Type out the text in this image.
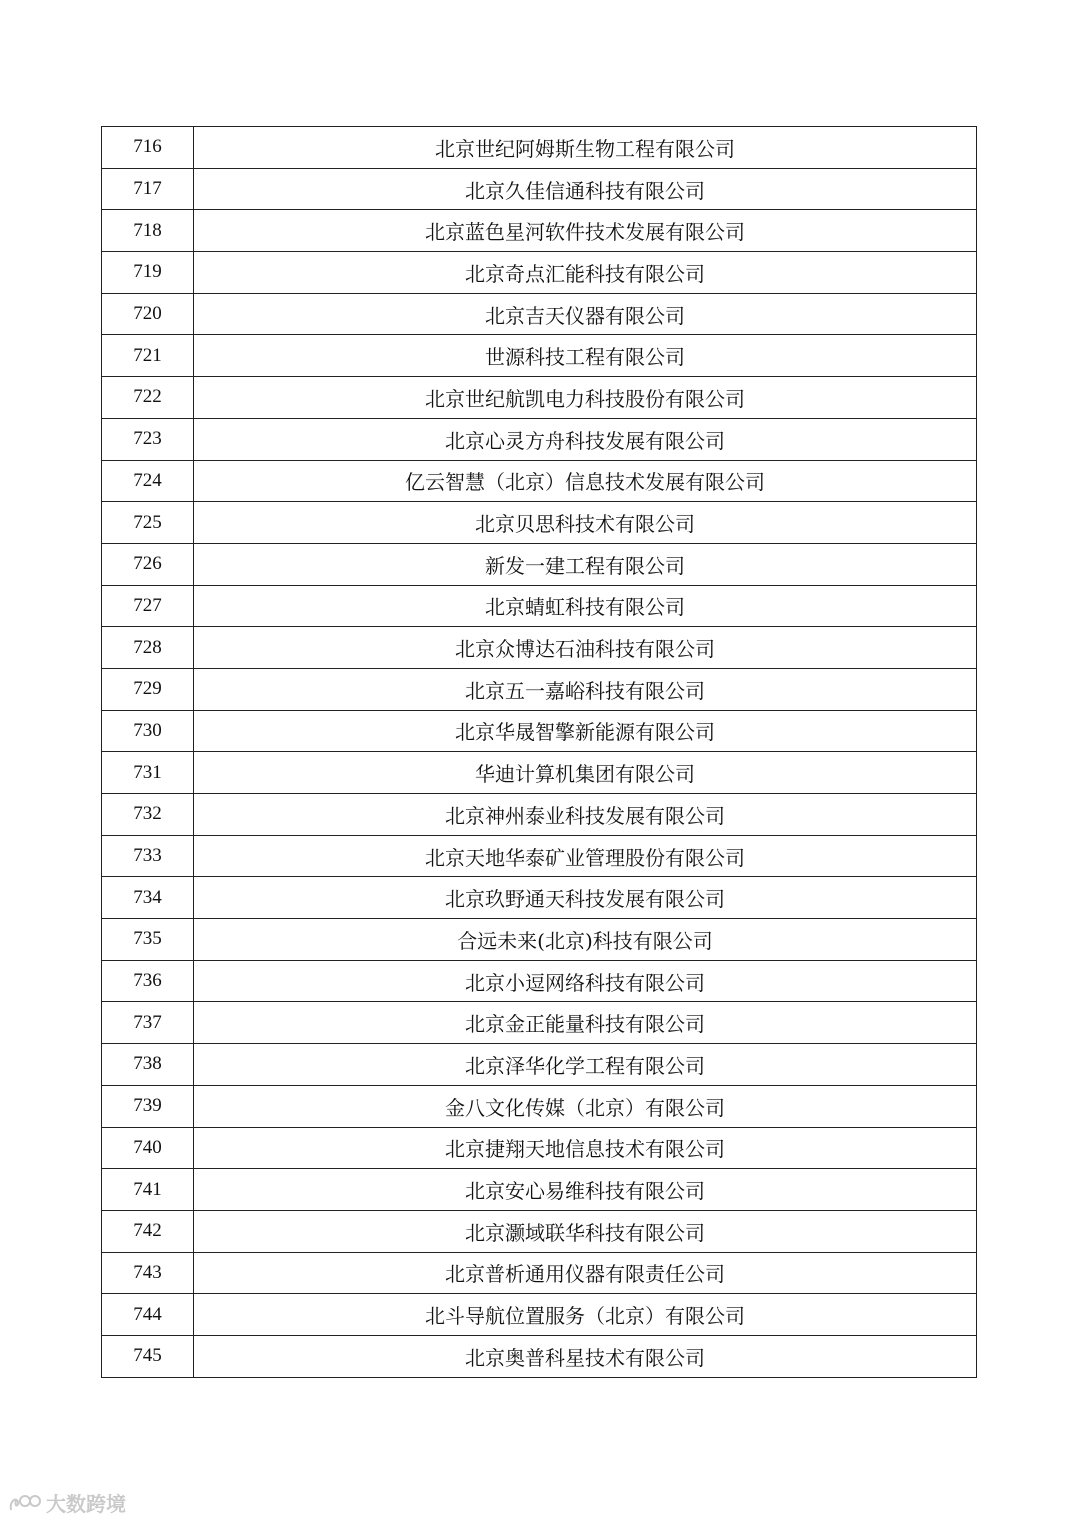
716	北京世纪阿姆斯生物工程有限公司
717	北京久佳信通科技有限公司
718	北京蓝色星河软件技术发展有限公司
719	北京奇点汇能科技有限公司
720	北京吉天仪器有限公司
721	世源科技工程有限公司
722	北京世纪航凯电力科技股份有限公司
723	北京心灵方舟科技发展有限公司
724	亿云智慧（北京）信息技术发展有限公司
725	北京贝思科技术有限公司
726	新发一建工程有限公司
727	北京蜻虹科技有限公司
728	北京众博达石油科技有限公司
729	北京五一嘉峪科技有限公司
730	北京华晟智擎新能源有限公司
731	华迪计算机集团有限公司
732	北京神州泰业科技发展有限公司
733	北京天地华泰矿业管理股份有限公司
734	北京玖野通天科技发展有限公司
735	合远未来(北京)科技有限公司
736	北京小逗网络科技有限公司
737	北京金正能量科技有限公司
738	北京泽华化学工程有限公司
739	金八文化传媒（北京）有限公司
740	北京捷翔天地信息技术有限公司
741	北京安心易维科技有限公司
742	北京灏域联华科技有限公司
743	北京普析通用仪器有限责任公司
744	北斗导航位置服务（北京）有限公司
745	北京奥普科星技术有限公司
大数跨境
